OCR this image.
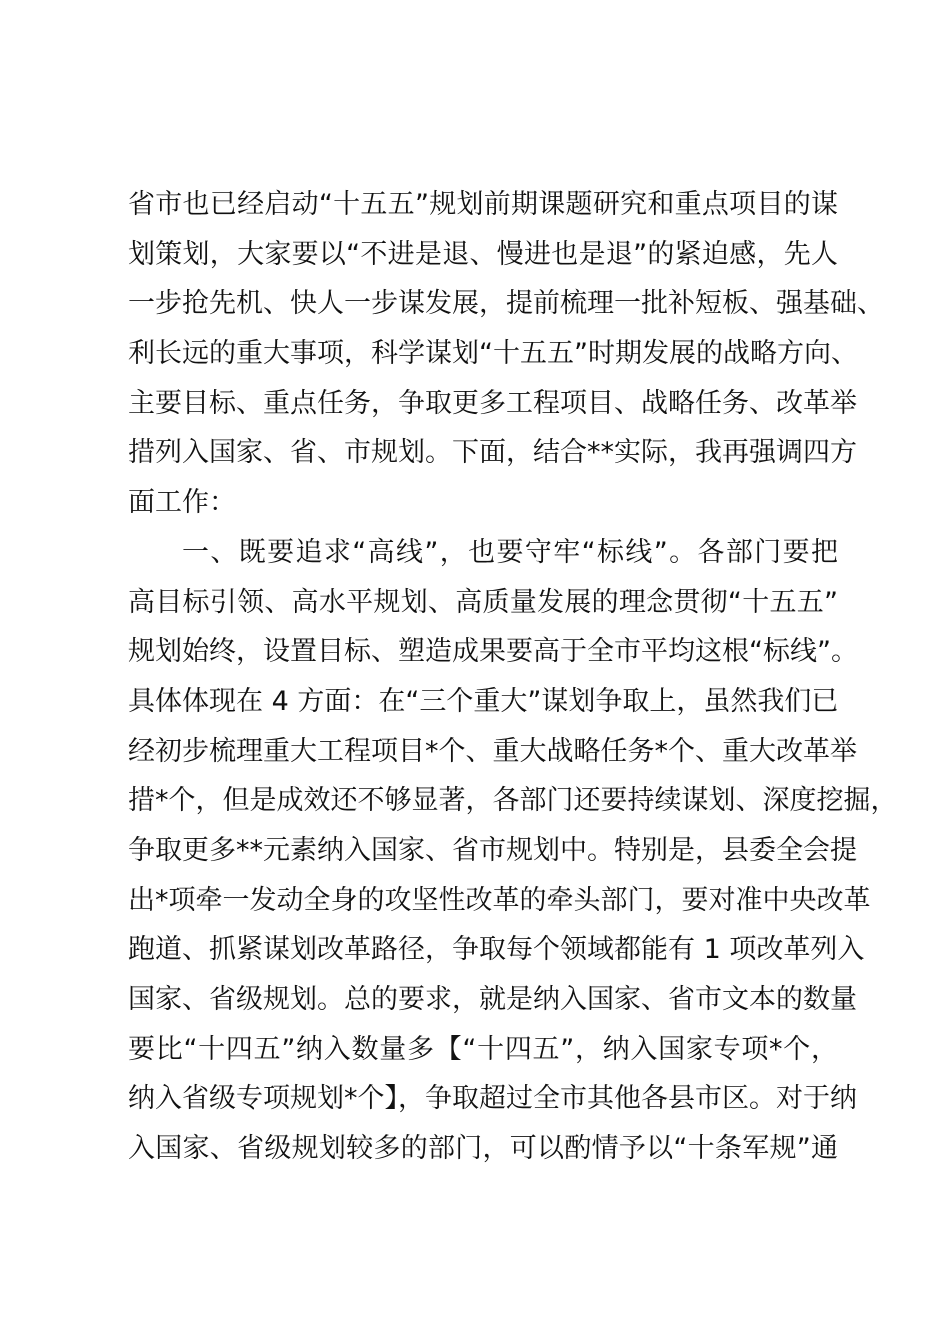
省市也已经启动“十五五”规划前期课题研究和重点项目的谋
划策划，大家要以“不进是退、慢进也是退”的紧迫感，先人
一步抢先机、快人一步谋发展，提前梳理一批补短板、强基础、
利长远的重大事项，科学谋划“十五五”时期发展的战略方向、
主要目标、重点任务，争取更多工程项目、战略任务、改革举
措列入国家、省、市规划。下面，结合**实际，我再强调四方
面工作：
一、既要追求“高线”，也要守牢“标线”。各部门要把
高目标引领、高水平规划、高质量发展的理念贯彻“十五五”
规划始终，设置目标、塑造成果要高于全市平均这根“标线”。
具体体现在 4 方面：在“三个重大”谋划争取上，虽然我们已
经初步梳理重大工程项目*个、重大战略任务*个、重大改革举
措*个，但是成效还不够显著，各部门还要持续谋划、深度挖掘，
争取更多**元素纳入国家、省市规划中。特别是，县委全会提
出*项牵一发动全身的攻坚性改革的牵头部门，要对准中央改革
跑道、抓紧谋划改革路径，争取每个领域都能有 1 项改革列入
国家、省级规划。总的要求，就是纳入国家、省市文本的数量
要比“十四五”纳入数量多【“十四五”，纳入国家专项*个，
纳入省级专项规划*个】，争取超过全市其他各县市区。对于纳
入国家、省级规划较多的部门，可以酌情予以“十条军规”通
